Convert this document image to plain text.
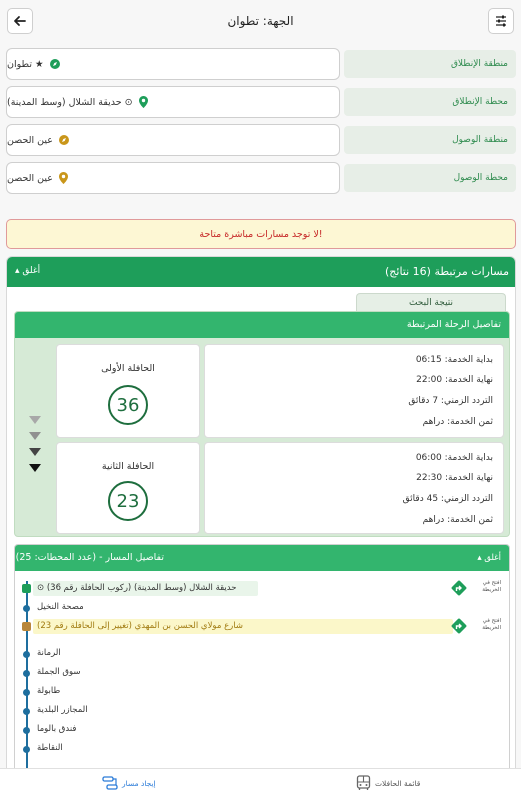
الجهة: تطوان
★ تطوان	منطقة الإنطلاق
⊙ حديقة الشلال (وسط المدينة)	محطة الإنطلاق
عين الحصن	منطقة الوصول
عين الحصن	محطة الوصول
لا توجد مسارات مباشرة متاحة!
مسارات مرتبطة (16 نتائج)
▴ أغلق
نتيجة البحث
تفاصيل الرحلة المرتبطة
الحافلة الأولى
36
بداية الخدمة: 06:15
نهاية الخدمة: 22:00
التردد الزمني: 7 دقائق
ثمن الخدمة: دراهم
الحافلة الثانية
23
بداية الخدمة: 06:00
نهاية الخدمة: 22:30
التردد الزمني: 45 دقائق
ثمن الخدمة: دراهم
تفاصيل المسار - (عدد المحطات: 25)	▴ أغلق
⊙ حديقة الشلال (وسط المدينة) (ركوب الحافلة رقم 36)
مصحة النخيل
شارع مولاي الحسن بن المهدي (تغيير إلى الحافلة رقم 23)
الرمانة
سوق الجملة
طابولة
المجازر البلدية
فندق بالوما
النقاطة
افتح في الخريطة
افتح في الخريطة
إيجاد مسار	قائمة الحافلات
